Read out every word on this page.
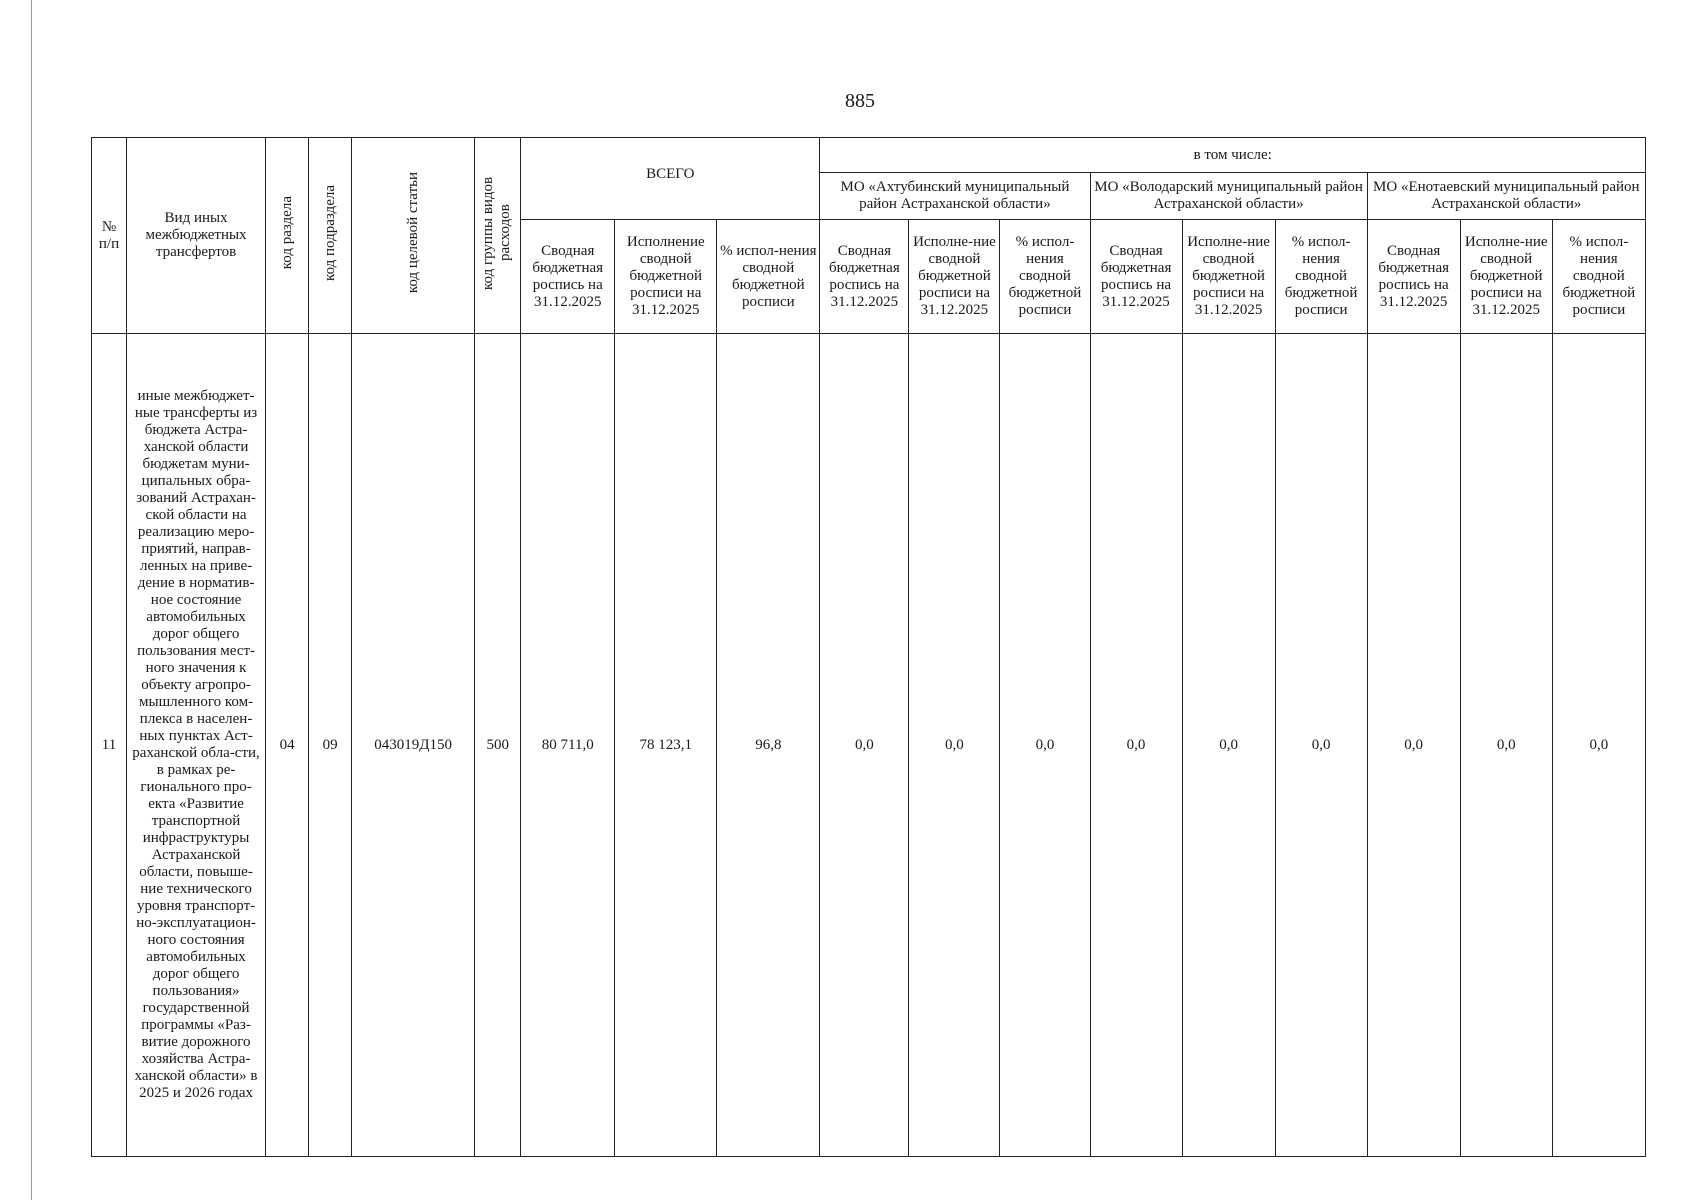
885
№ п/п	Вид иных межбюджетных трансфертов	код раздела	код подраздела	код целевой статьи	код группы видов расходов	ВСЕГО			в том числе:								
									МО «Ахтубинский муниципальный район Астраханской области»			МО «Володарский муниципальный район Астраханской области»			МО «Енотаевский муниципальный район Астраханской области»		
						Сводная бюджетная роспись на 31.12.2025	Исполнение сводной бюджетной росписи на 31.12.2025	% испол-нения сводной бюджетной росписи	Сводная бюджетная роспись на 31.12.2025	Исполне-ние сводной бюджетной росписи на 31.12.2025	% испол-нения сводной бюджетной росписи	Сводная бюджетная роспись на 31.12.2025	Исполне-ние сводной бюджетной росписи на 31.12.2025	% испол-нения сводной бюджетной росписи	Сводная бюджетная роспись на 31.12.2025	Исполне-ние сводной бюджетной росписи на 31.12.2025	% испол-нения сводной бюджетной росписи
11	иные межбюджет-ные трансферты из бюджета Астра-ханской области бюджетам муни-ципальных обра-зований Астрахан-ской области на реализацию меро-приятий, направ-ленных на приве-дение в норматив-ное состояние автомобильных дорог общего пользования мест-ного значения к объекту агропро-мышленного ком-плекса в населен-ных пунктах Аст-раханской обла-сти, в рамках ре-гионального про-екта «Развитие транспортной инфраструктуры Астраханской области, повыше-ние технического уровня транспорт-но-эксплуатацион-ного состояния автомобильных дорог общего пользования» государственной программы «Раз-витие дорожного хозяйства Астра-ханской области» в 2025 и 2026 годах	04	09	043019Д150	500	80 711,0	78 123,1	96,8	0,0	0,0	0,0	0,0	0,0	0,0	0,0	0,0	0,0
